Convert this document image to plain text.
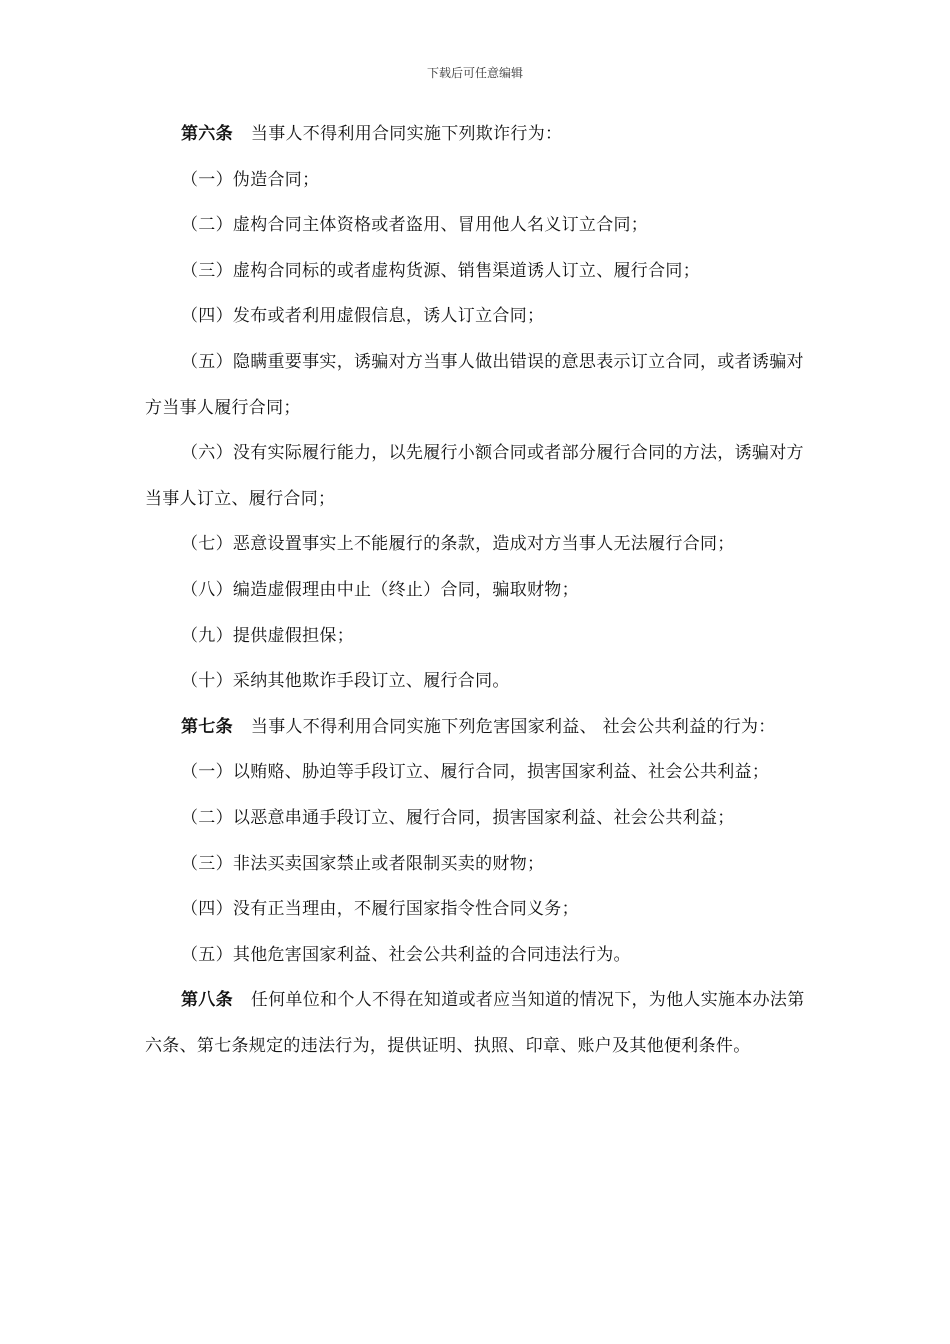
下载后可任意编辑

第六条 当事人不得利用合同实施下列欺诈行为：

（一）伪造合同；

（二）虚构合同主体资格或者盗用、冒用他人名义订立合同；

（三）虚构合同标的或者虚构货源、销售渠道诱人订立、履行合同；

（四）发布或者利用虚假信息，诱人订立合同；

（五）隐瞒重要事实，诱骗对方当事人做出错误的意思表示订立合同，或者诱骗对方当事人履行合同；

（六）没有实际履行能力，以先履行小额合同或者部分履行合同的方法，诱骗对方当事人订立、履行合同；

（七）恶意设置事实上不能履行的条款，造成对方当事人无法履行合同；

（八）编造虚假理由中止（终止）合同，骗取财物；

（九）提供虚假担保；

（十）采纳其他欺诈手段订立、履行合同。

第七条 当事人不得利用合同实施下列危害国家利益、 社会公共利益的行为：

（一）以贿赂、胁迫等手段订立、履行合同，损害国家利益、社会公共利益；

（二）以恶意串通手段订立、履行合同，损害国家利益、社会公共利益；

（三）非法买卖国家禁止或者限制买卖的财物；

（四）没有正当理由，不履行国家指令性合同义务；

（五）其他危害国家利益、社会公共利益的合同违法行为。

第八条 任何单位和个人不得在知道或者应当知道的情况下，为他人实施本办法第六条、第七条规定的违法行为，提供证明、执照、印章、账户及其他便利条件。
